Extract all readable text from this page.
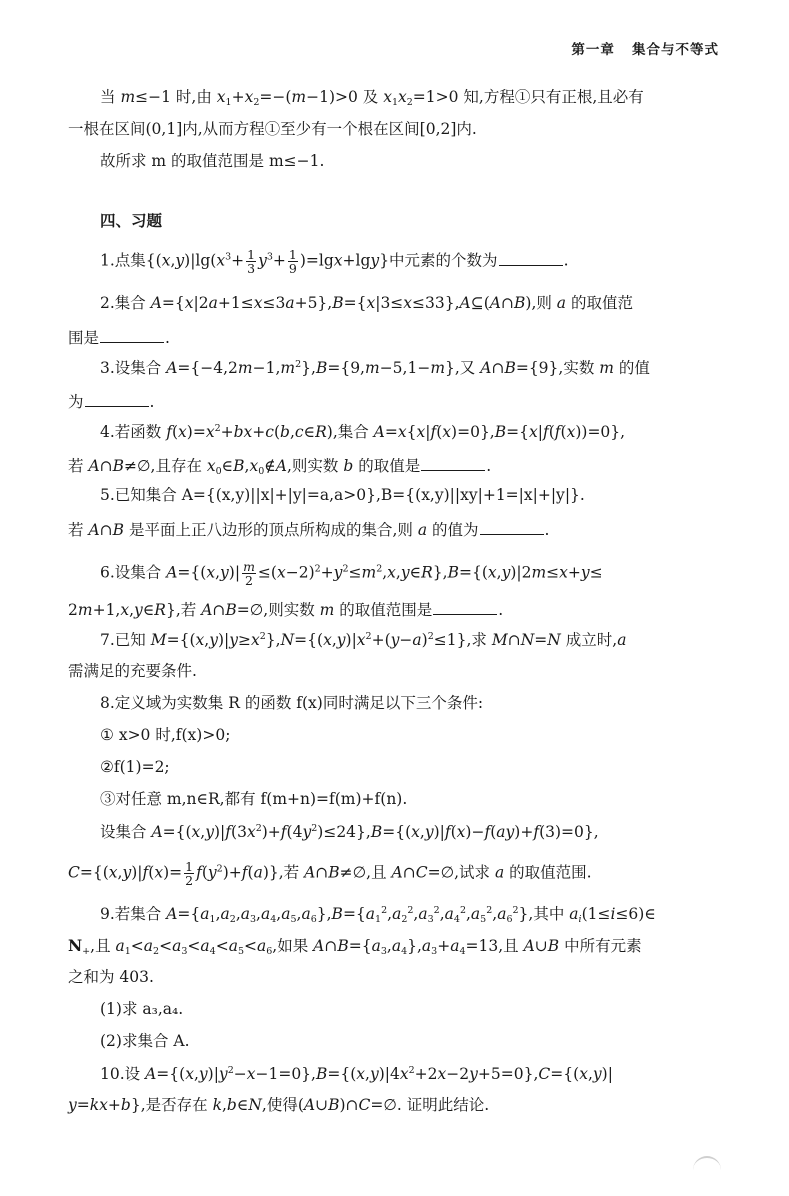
第一章 集合与不等式
当 m≤−1 时,由 $x_1+x_2=-(m-1)>0$ 及 $x_1x_2=1>0$ 知,方程①只有正根,且必有
一根在区间(0,1]内,从而方程①至少有一个根在区间[0,2]内.
故所求 m 的取值范围是 m≤−1.
四、习题
1.点集$\{(x,y)|\lg(x^3+ \frac{1}{3} y^3+ \frac{1}{9} )=\lg x+\lg y\}$中元素的个数为	.
2.集合 A={x|2a+1≤x≤3a+5},B={x|3≤x≤33},A⊆(A∩B),则 a 的取值范
围是	.
3.设集合 $A=\{-4,2m-1,m^2\},B=\{9,m-5,1-m\}$,又 A∩B={9},实数 m 的值
为	.
4.若函数 $f(x)=x^2+bx+c(b,c\in R)$,集合 A=x{x|f(x)=0},B={x|f(f(x))=0},
若 A∩B≠∅,且存在 $x_0\in B,x_0\notin A$,则实数 b 的取值是	.
5.已知集合 A={(x,y)||x|+|y|=a,a>0},B={(x,y)||xy|+1=|x|+|y|}.
若 A∩B 是平面上正八边形的顶点所构成的集合,则 a 的值为	.
6.设集合 $A=\{(x,y)| \frac{m}{2}$ $\le(x-2)^2+y^2\le m^2,x,y\in R\},B=\{(x,y)|2m\le x+y\le$
2m+1,x,y∈R},若 A∩B=∅,则实数 m 的取值范围是	.
7.已知 $M=\{(x,y)|y\ge x^2\},N=\{(x,y)|x^2+(y-a)^2\le 1\}$,求 M∩N=N 成立时,a
需满足的充要条件.
8.定义域为实数集 R 的函数 f(x)同时满足以下三个条件:
① x>0 时,f(x)>0;
②f(1)=2;
③对任意 m,n∈R,都有 f(m+n)=f(m)+f(n).
设集合 $A=\{(x,y)|f(3x^2)+f(4y^2)\le 24\},B=\{(x,y)|f(x)-f(ay)+f(3)=0\}$,
$C=\{(x,y)|f(x)= \frac{1}{2} f(y^2)+f(a)\}$,若 A∩B≠∅,且 A∩C=∅,试求 a 的取值范围.
9.若集合 $A=\{a_1,a_2,a_3,a_4,a_5,a_6\},B=\{a_1^2,a_2^2,a_3^2,a_4^2,a_5^2,a_6^2\}$,其中 $a_i(1\le i\le 6)\in$
$N_+$,且 $a_1<a_2<a_3<a_4<a_5<a_6$,如果 $A\cap B=\{a_3,a_4\},a_3+a_4=13$,且 A∪B 中所有元素
之和为 403.
(1)求 a₃,a₄.
(2)求集合 A.
10.设 $A=\{(x,y)|y^2-x-1=0\},B=\{(x,y)|4x^2+2x-2y+5=0\},C=\{(x,y)|$
y=kx+b},是否存在 k,b∈N,使得(A∪B)∩C=∅. 证明此结论.
